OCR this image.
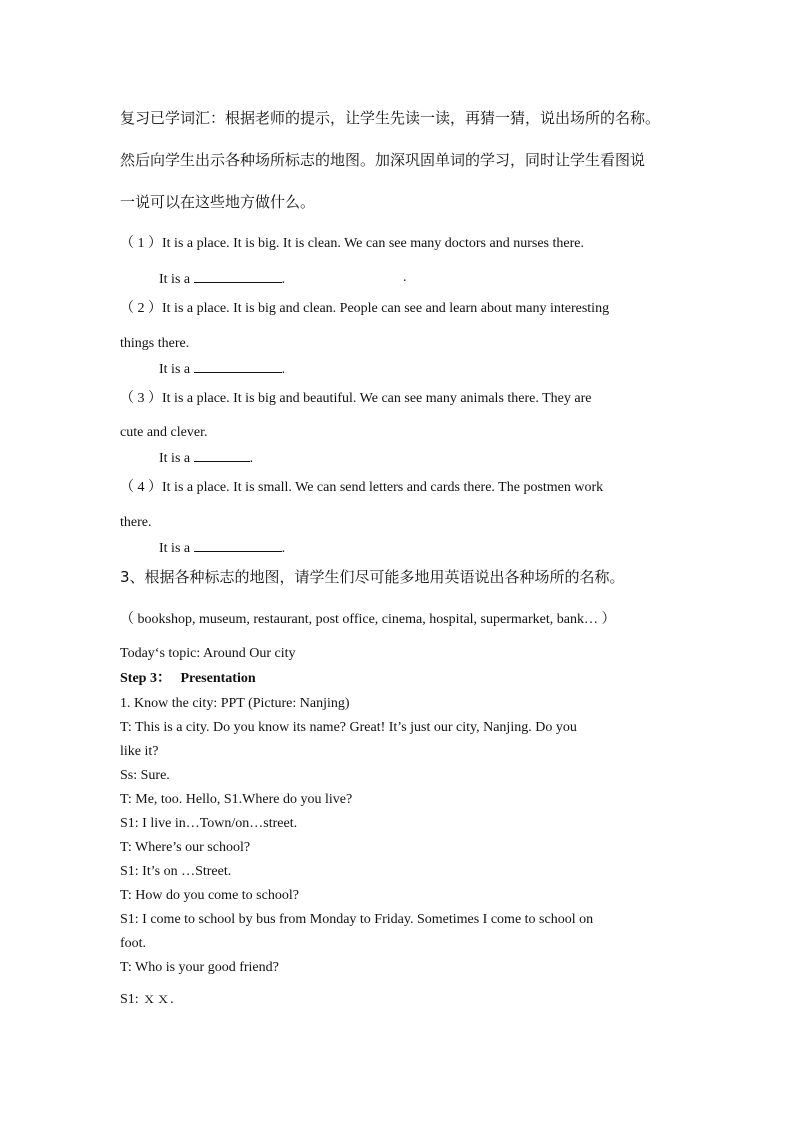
复习已学词汇：根据老师的提示，让学生先读一读，再猜一猜，说出场所的名称。
然后向学生出示各种场所标志的地图。加深巩固单词的学习，同时让学生看图说
一说可以在这些地方做什么。
（ 1 ）It is a place. It is big. It is clean. We can see many doctors and nurses there.
It is a	.	.
（ 2 ）It is a place. It is big and clean. People can see and learn about many interesting
things there.
It is a	.
（ 3 ）It is a place. It is big and beautiful. We can see many animals there. They are
cute and clever.
It is a	.
（ 4 ）It is a place. It is small. We can send letters and cards there. The postmen work
there.
It is a	.
3、根据各种标志的地图，请学生们尽可能多地用英语说出各种场所的名称。
（ bookshop, museum, restaurant, post office, cinema, hospital, supermarket, bank… ）
Today‘s topic: Around Our city
Step 3： Presentation
1. Know the city: PPT (Picture: Nanjing)
T: This is a city. Do you know its name? Great! It’s just our city, Nanjing. Do you
like it?
Ss: Sure.
T: Me, too. Hello, S1.Where do you live?
S1: I live in…Town/on…street.
T: Where’s our school?
S1: It’s on …Street.
T: How do you come to school?
S1: I come to school by bus from Monday to Friday. Sometimes I come to school on
foot.
T: Who is your good friend?
S1: ｘｘ.
